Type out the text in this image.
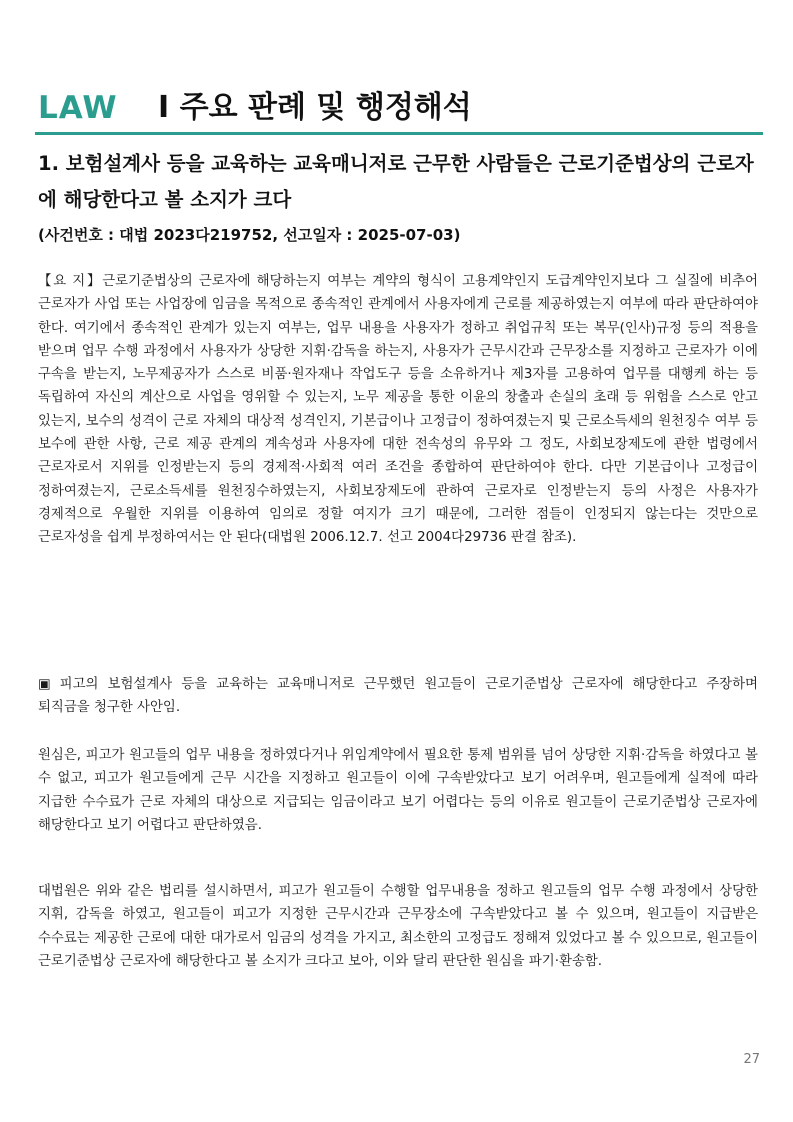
LAW Ⅰ 주요 판례 및 행정해석
1. 보험설계사 등을 교육하는 교육매니저로 근무한 사람들은 근로기준법상의 근로자에 해당한다고 볼 소지가 크다
(사건번호 : 대법 2023다219752, 선고일자 : 2025-07-03)
【요 지】근로기준법상의 근로자에 해당하는지 여부는 계약의 형식이 고용계약인지 도급계약인지보다 그 실질에 비추어 근로자가 사업 또는 사업장에 임금을 목적으로 종속적인 관계에서 사용자에게 근로를 제공하였는지 여부에 따라 판단하여야 한다. 여기에서 종속적인 관계가 있는지 여부는, 업무 내용을 사용자가 정하고 취업규칙 또는 복무(인사)규정 등의 적용을 받으며 업무 수행 과정에서 사용자가 상당한 지휘·감독을 하는지, 사용자가 근무시간과 근무장소를 지정하고 근로자가 이에 구속을 받는지, 노무제공자가 스스로 비품·원자재나 작업도구 등을 소유하거나 제3자를 고용하여 업무를 대행케 하는 등 독립하여 자신의 계산으로 사업을 영위할 수 있는지, 노무 제공을 통한 이윤의 창출과 손실의 초래 등 위험을 스스로 안고 있는지, 보수의 성격이 근로 자체의 대상적 성격인지, 기본급이나 고정급이 정하여졌는지 및 근로소득세의 원천징수 여부 등 보수에 관한 사항, 근로 제공 관계의 계속성과 사용자에 대한 전속성의 유무와 그 정도, 사회보장제도에 관한 법령에서 근로자로서 지위를 인정받는지 등의 경제적·사회적 여러 조건을 종합하여 판단하여야 한다. 다만 기본급이나 고정급이 정하여졌는지, 근로소득세를 원천징수하였는지, 사회보장제도에 관하여 근로자로 인정받는지 등의 사정은 사용자가 경제적으로 우월한 지위를 이용하여 임의로 정할 여지가 크기 때문에, 그러한 점들이 인정되지 않는다는 것만으로 근로자성을 쉽게 부정하여서는 안 된다(대법원 2006.12.7. 선고 2004다29736 판결 참조).
▣ 피고의 보험설계사 등을 교육하는 교육매니저로 근무했던 원고들이 근로기준법상 근로자에 해당한다고 주장하며 퇴직금을 청구한 사안임.
원심은, 피고가 원고들의 업무 내용을 정하였다거나 위임계약에서 필요한 통제 범위를 넘어 상당한 지휘·감독을 하였다고 볼 수 없고, 피고가 원고들에게 근무 시간을 지정하고 원고들이 이에 구속받았다고 보기 어려우며, 원고들에게 실적에 따라 지급한 수수료가 근로 자체의 대상으로 지급되는 임금이라고 보기 어렵다는 등의 이유로 원고들이 근로기준법상 근로자에 해당한다고 보기 어렵다고 판단하였음.
대법원은 위와 같은 법리를 설시하면서, 피고가 원고들이 수행할 업무내용을 정하고 원고들의 업무 수행 과정에서 상당한 지휘, 감독을 하였고, 원고들이 피고가 지정한 근무시간과 근무장소에 구속받았다고 볼 수 있으며, 원고들이 지급받은 수수료는 제공한 근로에 대한 대가로서 임금의 성격을 가지고, 최소한의 고정급도 정해져 있었다고 볼 수 있으므로, 원고들이 근로기준법상 근로자에 해당한다고 볼 소지가 크다고 보아, 이와 달리 판단한 원심을 파기·환송함.
27
